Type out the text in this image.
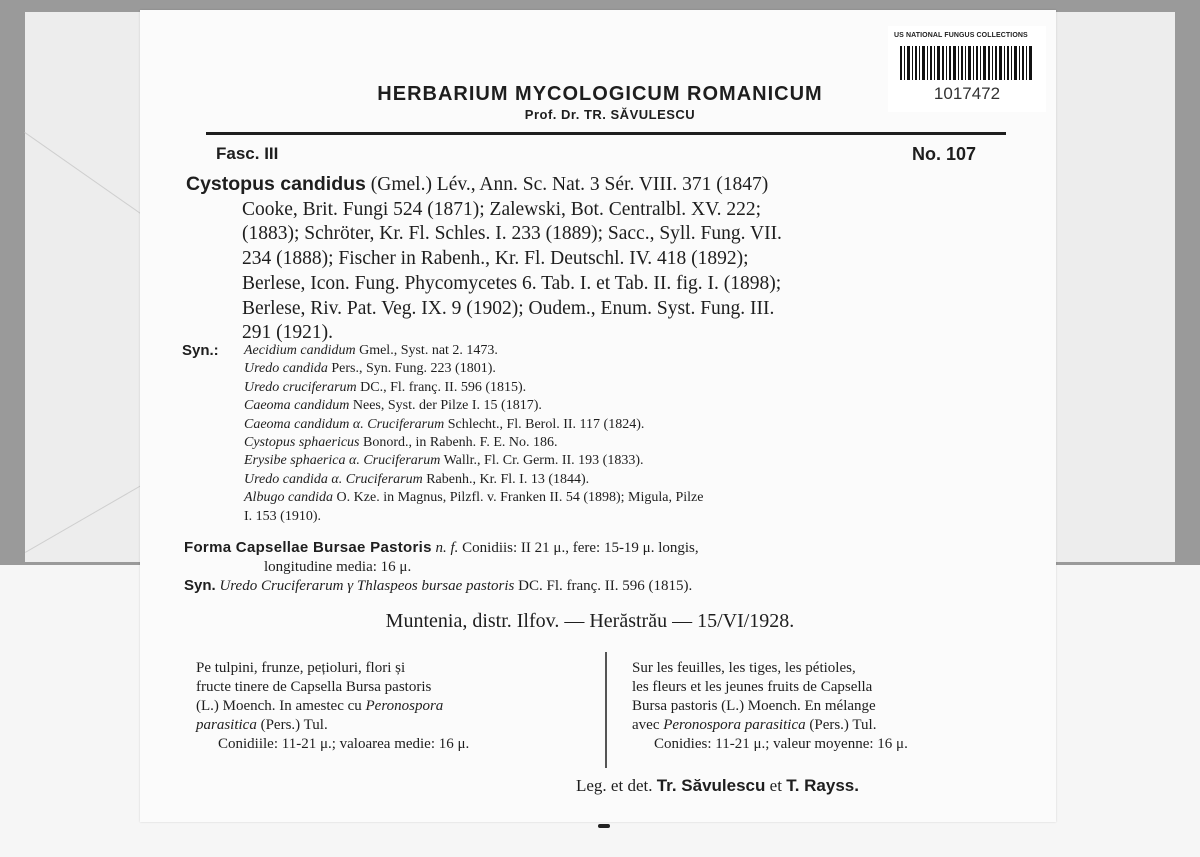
US NATIONAL FUNGUS COLLECTIONS
1017472
HERBARIUM MYCOLOGICUM ROMANICUM
Prof. Dr. TR. SĂVULESCU
Fasc. III	No. 107
Cystopus candidus (Gmel.) Lév., Ann. Sc. Nat. 3 Sér. VIII. 371 (1847)
Cooke, Brit. Fungi 524 (1871); Zalewski, Bot. Centralbl. XV. 222;
(1883); Schröter, Kr. Fl. Schles. I. 233 (1889); Sacc., Syll. Fung. VII.
234 (1888); Fischer in Rabenh., Kr. Fl. Deutschl. IV. 418 (1892);
Berlese, Icon. Fung. Phycomycetes 6. Tab. I. et Tab. II. fig. I. (1898);
Berlese, Riv. Pat. Veg. IX. 9 (1902); Oudem., Enum. Syst. Fung. III.
291 (1921).
Syn.: Aecidium candidum Gmel., Syst. nat 2. 1473.
Uredo candida Pers., Syn. Fung. 223 (1801).
Uredo cruciferarum DC., Fl. franç. II. 596 (1815).
Caeoma candidum Nees, Syst. der Pilze I. 15 (1817).
Caeoma candidum α. Cruciferarum Schlecht., Fl. Berol. II. 117 (1824).
Cystopus sphaericus Bonord., in Rabenh. F. E. No. 186.
Erysibe sphaerica α. Cruciferarum Wallr., Fl. Cr. Germ. II. 193 (1833).
Uredo candida α. Cruciferarum Rabenh., Kr. Fl. I. 13 (1844).
Albugo candida O. Kze. in Magnus, Pilzfl. v. Franken II. 54 (1898); Migula, Pilze
I. 153 (1910).
Forma Capsellae Bursae Pastoris n. f. Conidiis: II 21 μ., fere: 15-19 μ. longis,
longitudine media: 16 μ.
Syn. Uredo Cruciferarum γ Thlaspeos bursae pastoris DC. Fl. franç. II. 596 (1815).
Muntenia, distr. Ilfov. — Herăstrău — 15/VI/1928.

Pe tulpini, frunze, pețioluri, flori și

fructe tinere de Capsella Bursa pastoris

(L.) Moench. In amestec cu Peronospora

parasitica (Pers.) Tul.

Conidiile: 11-21 μ.; valoarea medie: 16 μ.

Sur les feuilles, les tiges, les pétioles,

les fleurs et les jeunes fruits de Capsella

Bursa pastoris (L.) Moench. En mélange

avec Peronospora parasitica (Pers.) Tul.

Conidies: 11-21 μ.; valeur moyenne: 16 μ.

Leg. et det. Tr. Săvulescu et T. Rayss.
